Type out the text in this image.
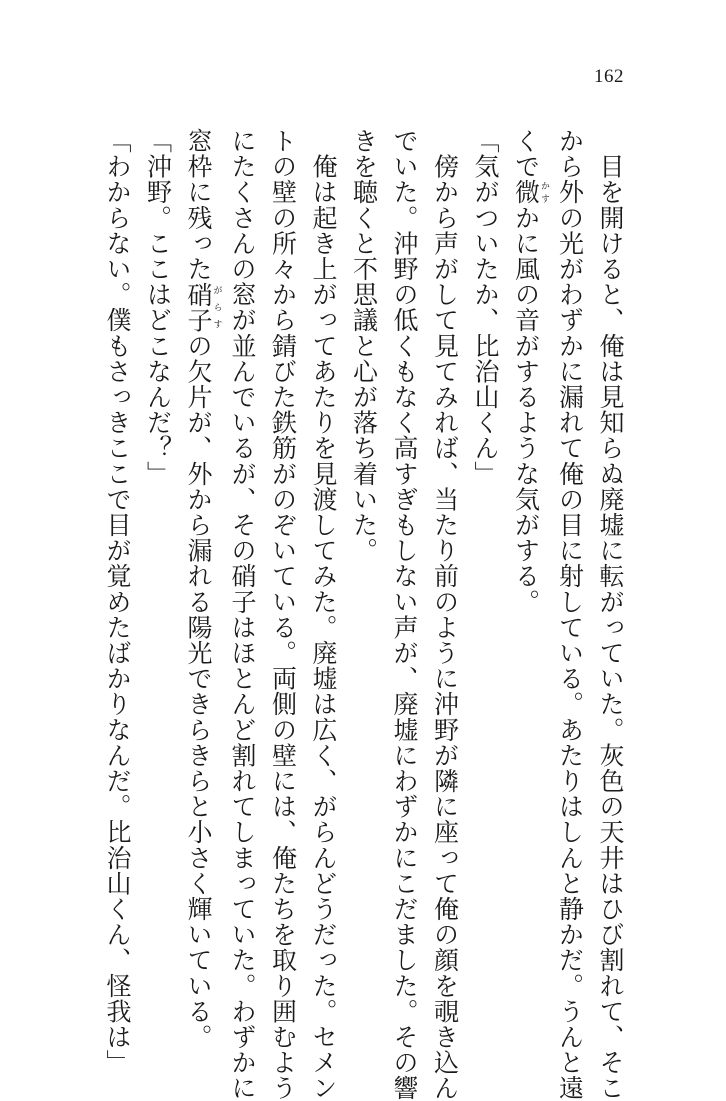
162
　目を開けると、俺は見知らぬ廃墟に転がっていた。灰色の天井はひび割れて、そこ
から外の光がわずかに漏れて俺の目に射している。あたりはしんと静かだ。うんと遠
くで微かすかに風の音がするような気がする。
「気がついたか、比治山くん」
　傍から声がして見てみれば、当たり前のように沖野が隣に座って俺の顔を覗き込ん
でいた。沖野の低くもなく高すぎもしない声が、廃墟にわずかにこだました。その響
きを聴くと不思議と心が落ち着いた。
　俺は起き上がってあたりを見渡してみた。廃墟は広く、がらんどうだった。セメン
トの壁の所々から錆びた鉄筋がのぞいている。両側の壁には、俺たちを取り囲むよう
にたくさんの窓が並んでいるが、その硝子はほとんど割れてしまっていた。わずかに
窓枠に残った硝子がらすの欠片が、外から漏れる陽光できらきらと小さく輝いている。
「沖野。ここはどこなんだ？」
「わからない。僕もさっきここで目が覚めたばかりなんだ。比治山くん、怪我は」
